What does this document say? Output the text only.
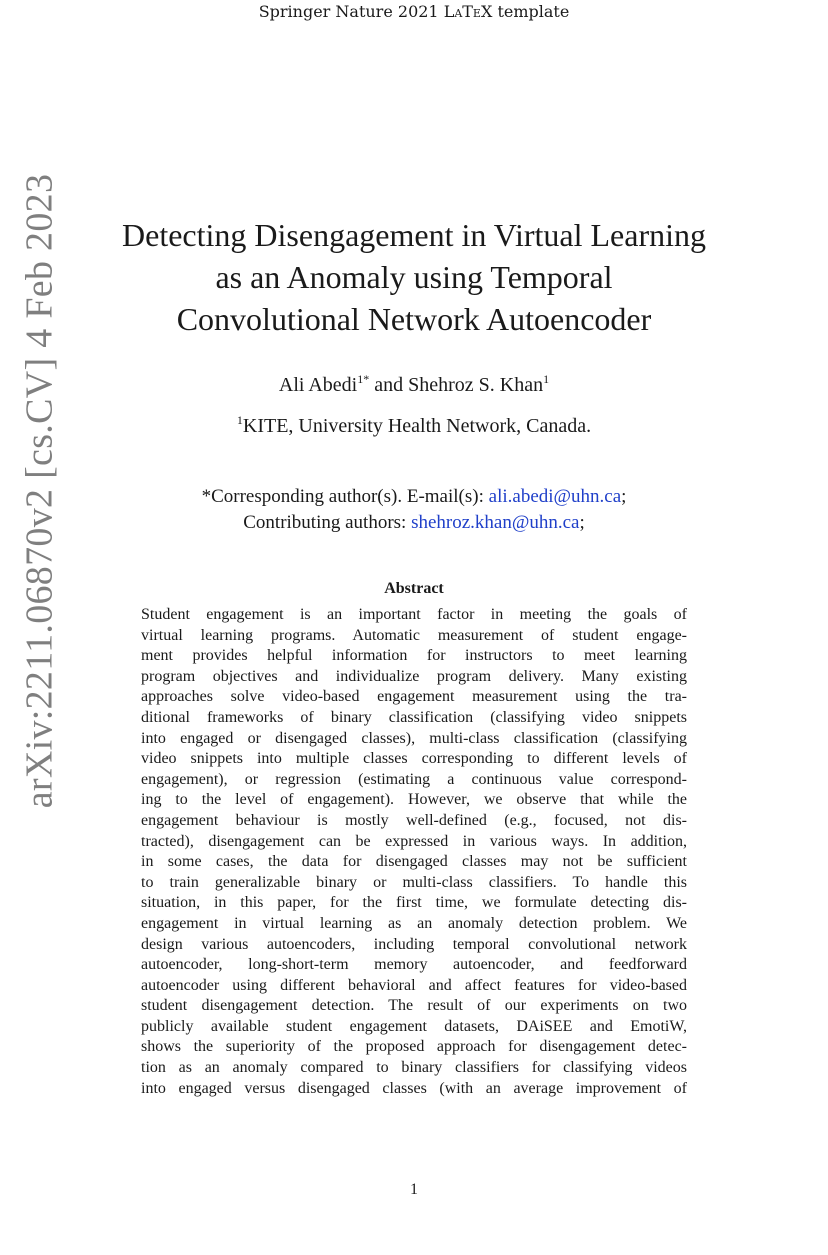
Springer Nature 2021 LaTeX template
arXiv:2211.06870v2 [cs.CV] 4 Feb 2023	Detecting Disengagement in Virtual Learning
as an Anomaly using Temporal
Convolutional Network Autoencoder
Ali Abedi$^{1*}$ and Shehroz S. Khan$^1$
$^1$KITE, University Health Network, Canada.
*Corresponding author(s). E-mail(s): ali.abedi@uhn.ca;
Contributing authors: shehroz.khan@uhn.ca;
Abstract
Student engagement is an important factor in meeting the goals of
virtual learning programs. Automatic measurement of student engage-
ment provides helpful information for instructors to meet learning
program objectives and individualize program delivery. Many existing
approaches solve video-based engagement measurement using the tra-
ditional frameworks of binary classification (classifying video snippets
into engaged or disengaged classes), multi-class classification (classifying
video snippets into multiple classes corresponding to different levels of
engagement), or regression (estimating a continuous value correspond-
ing to the level of engagement). However, we observe that while the
engagement behaviour is mostly well-defined (e.g., focused, not dis-
tracted), disengagement can be expressed in various ways. In addition,
in some cases, the data for disengaged classes may not be sufficient
to train generalizable binary or multi-class classifiers. To handle this
situation, in this paper, for the first time, we formulate detecting dis-
engagement in virtual learning as an anomaly detection problem. We
design various autoencoders, including temporal convolutional network
autoencoder, long-short-term memory autoencoder, and feedforward
autoencoder using different behavioral and affect features for video-based
student disengagement detection. The result of our experiments on two
publicly available student engagement datasets, DAiSEE and EmotiW,
shows the superiority of the proposed approach for disengagement detec-
tion as an anomaly compared to binary classifiers for classifying videos
into engaged versus disengaged classes (with an average improvement of
1
